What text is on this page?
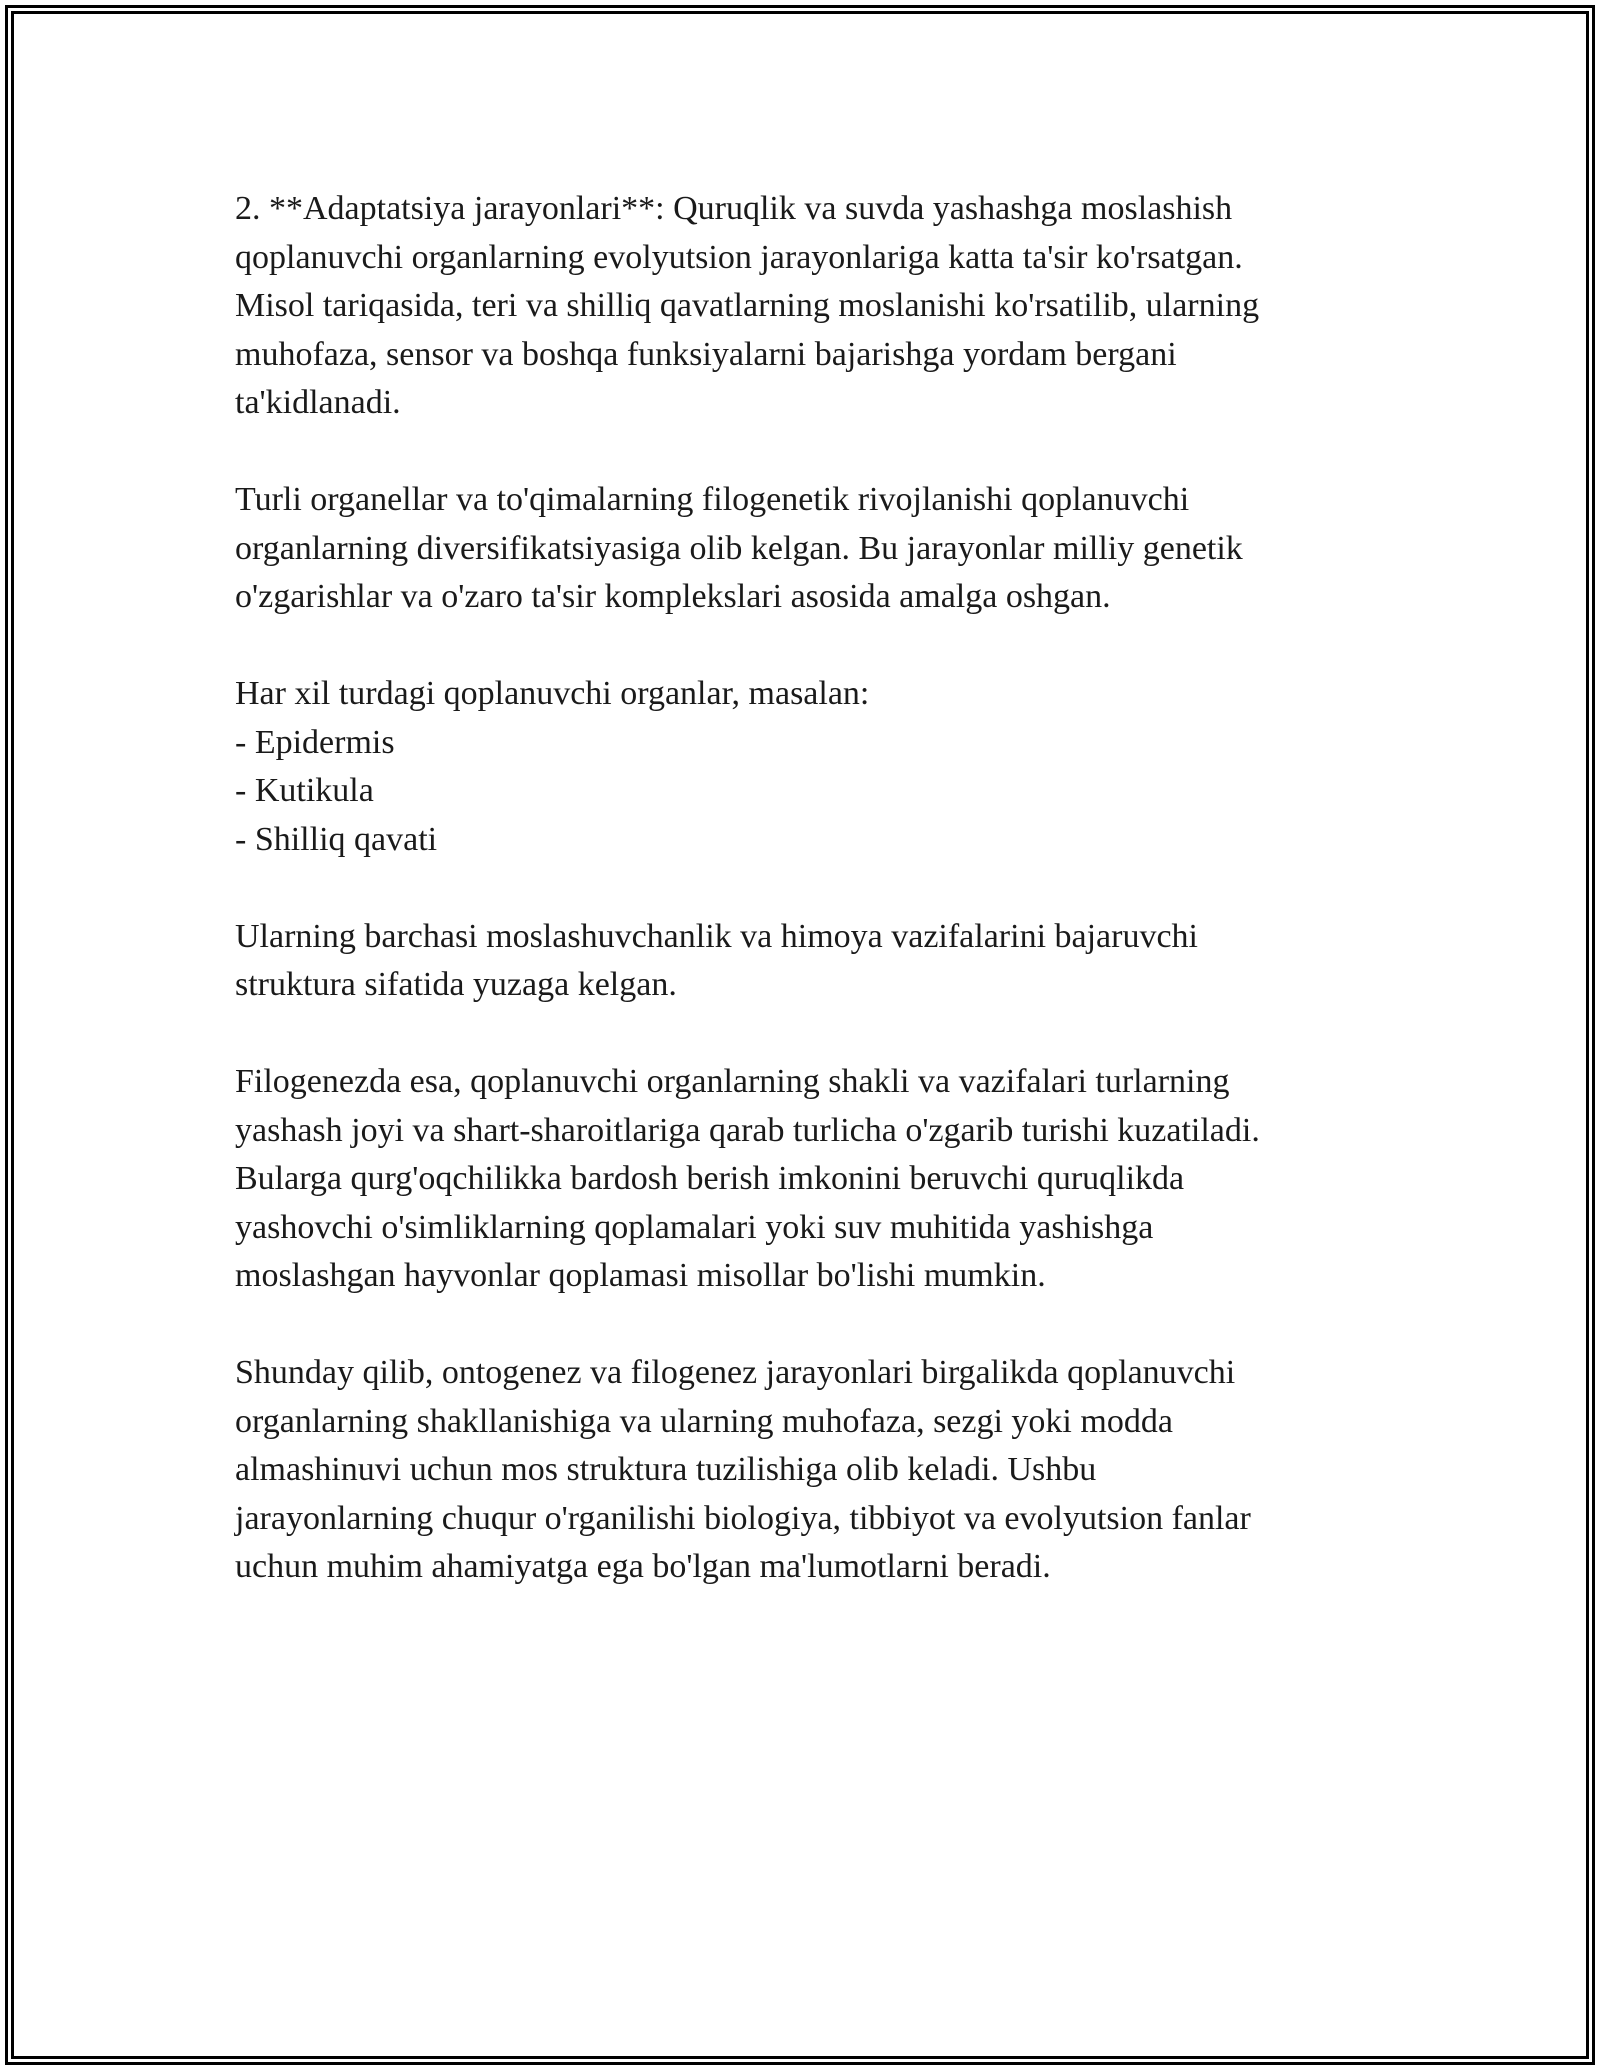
2. **Adaptatsiya jarayonlari**: Quruqlik va suvda yashashga moslashish
qoplanuvchi organlarning evolyutsion jarayonlariga katta ta'sir ko'rsatgan.
Misol tariqasida, teri va shilliq qavatlarning moslanishi ko'rsatilib, ularning
muhofaza, sensor va boshqa funksiyalarni bajarishga yordam bergani
ta'kidlanadi.

Turli organellar va to'qimalarning filogenetik rivojlanishi qoplanuvchi
organlarning diversifikatsiyasiga olib kelgan. Bu jarayonlar milliy genetik
o'zgarishlar va o'zaro ta'sir komplekslari asosida amalga oshgan.

Har xil turdagi qoplanuvchi organlar, masalan:
- Epidermis
- Kutikula
- Shilliq qavati

Ularning barchasi moslashuvchanlik va himoya vazifalarini bajaruvchi
struktura sifatida yuzaga kelgan.

Filogenezda esa, qoplanuvchi organlarning shakli va vazifalari turlarning
yashash joyi va shart-sharoitlariga qarab turlicha o'zgarib turishi kuzatiladi.
Bularga qurg'oqchilikka bardosh berish imkonini beruvchi quruqlikda
yashovchi o'simliklarning qoplamalari yoki suv muhitida yashishga
moslashgan hayvonlar qoplamasi misollar bo'lishi mumkin.

Shunday qilib, ontogenez va filogenez jarayonlari birgalikda qoplanuvchi
organlarning shakllanishiga va ularning muhofaza, sezgi yoki modda
almashinuvi uchun mos struktura tuzilishiga olib keladi. Ushbu
jarayonlarning chuqur o'rganilishi biologiya, tibbiyot va evolyutsion fanlar
uchun muhim ahamiyatga ega bo'lgan ma'lumotlarni beradi.
